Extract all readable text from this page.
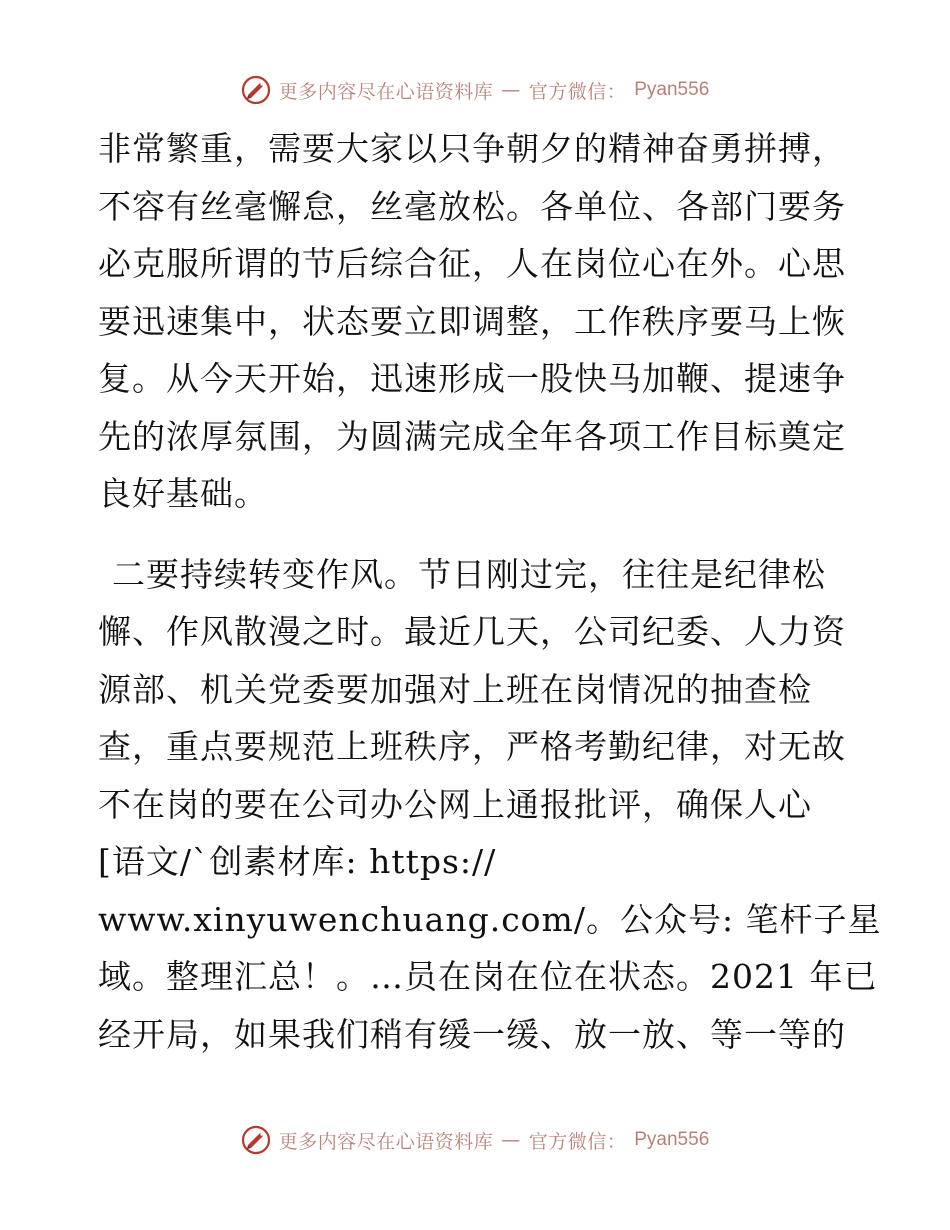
更多内容尽在心语资料库 — 官方微信： Pyan556

非常繁重，需要大家以只争朝夕的精神奋勇拼搏，
不容有丝毫懈怠，丝毫放松。各单位、各部门要务
必克服所谓的节后综合征，人在岗位心在外。心思
要迅速集中，状态要立即调整，工作秩序要马上恢
复。从今天开始，迅速形成一股快马加鞭、提速争
先的浓厚氛围，为圆满完成全年各项工作目标奠定
良好基础。

二要持续转变作风。节日刚过完，往往是纪律松
懈、作风散漫之时。最近几天，公司纪委、人力资
源部、机关党委要加强对上班在岗情况的抽查检
查，重点要规范上班秩序，严格考勤纪律，对无故
不在岗的要在公司办公网上通报批评，确保人心
[语文/`创素材库: https://
www.xinyuwenchuang.com/。公众号: 笔杆子星
域。整理汇总！。…员在岗在位在状态。2021 年已
经开局，如果我们稍有缓一缓、放一放、等一等的

更多内容尽在心语资料库 — 官方微信： Pyan556
